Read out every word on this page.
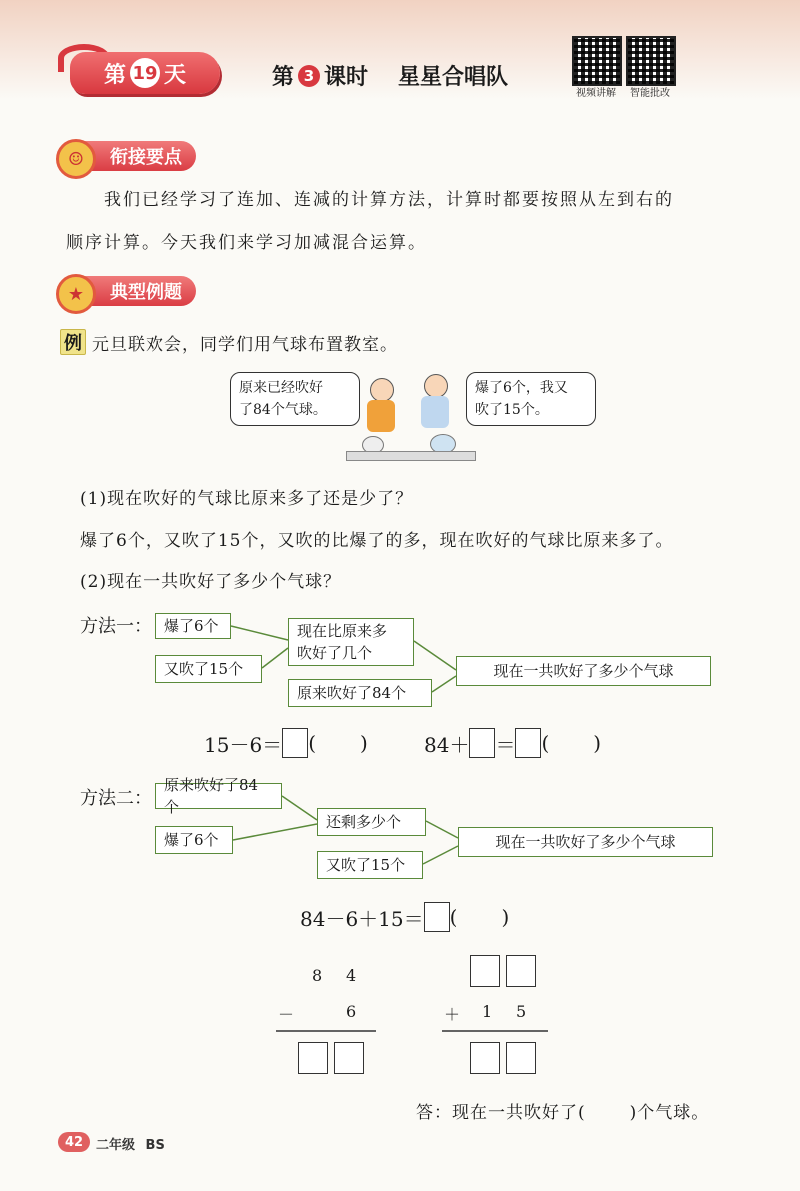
第 19 天	第 3 课时 星星合唱队
视频讲解	智能批改
衔接要点
☺
我们已经学习了连加、连减的计算方法，计算时都要按照从左到右的
顺序计算。今天我们来学习加减混合运算。
典型例题
★
例 元旦联欢会，同学们用气球布置教室。
原来已经吹好
了84个气球。
爆了6个，我又
吹了15个。
(1)现在吹好的气球比原来多了还是少了？
爆了6个，又吹了15个，又吹的比爆了的多，现在吹好的气球比原来多了。
(2)现在一共吹好了多少个气球？
方法一： 爆了6个
又吹了15个
现在比原来多
吹好了几个
原来吹好了84个
现在一共吹好了多少个气球
15－6＝ ( )	84＋ ＝ ( )
方法二：
原来吹好了84个
爆了6个
还剩多少个
又吹了15个
现在一共吹好了多少个气球
84－6＋15＝ ( )
8 4
－	6	＋ 1 5
答：现在一共吹好了(	)个气球。
42 二年级 BS
